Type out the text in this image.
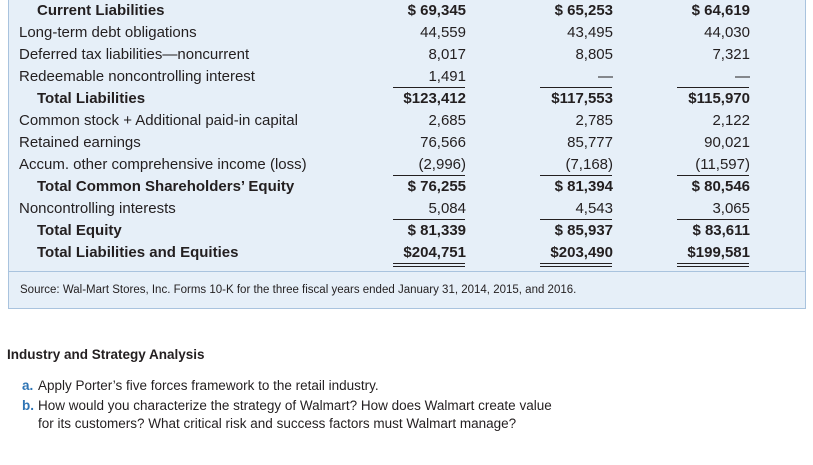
Current Liabilities	$ 69,345	$ 65,253	$ 64,619
Long-term debt obligations	44,559	43,495	44,030
Deferred tax liabilities—noncurrent	8,017	8,805	7,321
Redeemable noncontrolling interest	1,491	—	—
Total Liabilities	$123,412	$117,553	$115,970
Common stock + Additional paid-in capital	2,685	2,785	2,122
Retained earnings	76,566	85,777	90,021
Accum. other comprehensive income (loss)	(2,996)	(7,168)	(11,597)
Total Common Shareholders’ Equity	$ 76,255	$ 81,394	$ 80,546
Noncontrolling interests	5,084	4,543	3,065
Total Equity	$ 81,339	$ 85,937	$ 83,611
Total Liabilities and Equities	$204,751	$203,490	$199,581
Source: Wal-Mart Stores, Inc. Forms 10-K for the three fiscal years ended January 31, 2014, 2015, and 2016.
Industry and Strategy Analysis
a. Apply Porter’s five forces framework to the retail industry.
b. How would you characterize the strategy of Walmart? How does Walmart create value
for its customers? What critical risk and success factors must Walmart manage?
